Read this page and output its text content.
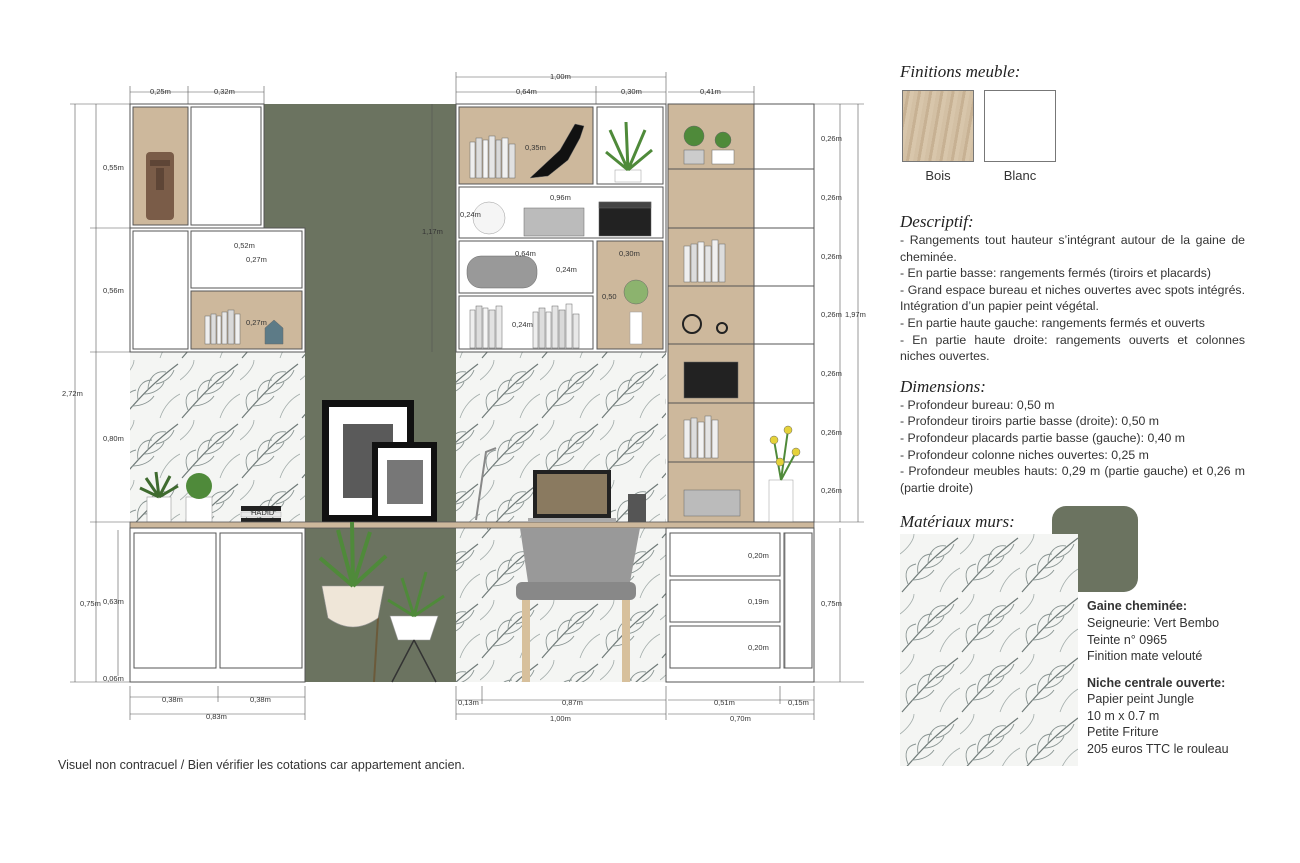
HADID
0,25m	0,32m
1,00m
0,64m	0,30m	0,41m
0,55m
0,56m
2,72m
0,80m
0,75m 0,63m
0,06m
0,52m
0,27m
0,27m
1,17m
0,35m
0,96m
0,24m
0,64m
0,24m
0,30m
0,50
0,24m
0,26m
0,26m
0,26m
0,26m
0,26m
0,26m
0,26m
1,97m
0,75m
0,20m
0,19m
0,20m
0,38m	0,38m
0,83m
0,13m	0,87m
1,00m
0,51m	0,15m
0,70m
Visuel non contracuel / Bien vérifier les cotations car appartement ancien.
Finitions meuble:
Bois	Blanc
Descriptif:
- Rangements tout hauteur s’intégrant autour de la gaine de cheminée.
- En partie basse: rangements fermés (tiroirs et placards)
- Grand espace bureau et niches ouvertes avec spots intégrés. Intégration d’un papier peint végétal.
- En partie haute gauche: rangements fermés et ouverts
- En partie haute droite: rangements ouverts et colonnes niches ouvertes.
Dimensions:
- Profondeur bureau: 0,50 m
- Profondeur tiroirs partie basse (droite): 0,50 m
- Profondeur placards partie basse (gauche): 0,40 m
- Profondeur colonne niches ouvertes: 0,25 m
- Profondeur meubles hauts: 0,29 m (partie gauche) et 0,26 m (partie droite)
Matériaux murs:
Gaine cheminée:
Seigneurie: Vert Bembo
Teinte n° 0965
Finition mate velouté
Niche centrale ouverte:
Papier peint Jungle
10 m x 0.7 m
Petite Friture
205 euros TTC le rouleau
